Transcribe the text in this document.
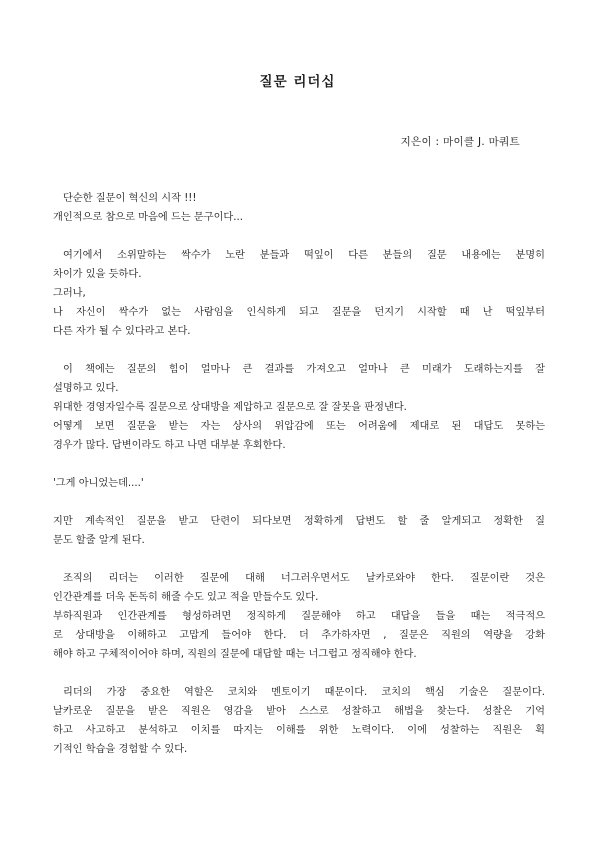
질문 리더십
지은이 : 마이클 J. 마쿼트
단순한 질문이 혁신의 시작 !!!
개인적으로 참으로 마음에 드는 문구이다...
여기에서 소위말하는 싹수가 노란 분들과 떡잎이 다른 분들의 질문 내용에는 분명히
차이가 있을 듯하다.
그러나,
나 자신이 싹수가 없는 사람임을 인식하게 되고 질문을 던지기 시작할 때 난 떡잎부터
다른 자가 될 수 있다라고 본다.
이 책에는 질문의 힘이 얼마나 큰 결과를 가져오고 얼마나 큰 미래가 도래하는지를 잘
설명하고 있다.
위대한 경영자일수록 질문으로 상대방을 제압하고 질문으로 잘 잘못을 판정낸다.
어떻게 보면 질문을 받는 자는 상사의 위압감에 또는 어려움에 제대로 된 대답도 못하는
경우가 많다. 답변이라도 하고 나면 대부분 후회한다.
'그게 아니었는데....'
지만 계속적인 질문을 받고 단련이 되다보면 정확하게 답변도 할 줄 알게되고 정확한 질
문도 할줄 알게 된다.
조직의 리더는 이러한 질문에 대해 너그러우면서도 날카로와야 한다. 질문이란 것은
인간관계를 더욱 돈독히 해줄 수도 있고 적을 만들수도 있다.
부하직원과 인간관계를 형성하려면 정직하게 질문해야 하고 대답을 들을 때는 적극적으
로 상대방을 이해하고 고맙게 들어야 한다. 더 추가하자면 , 질문은 직원의 역량을 강화
해야 하고 구체적이어야 하며, 직원의 질문에 대답할 때는 너그럽고 정직해야 한다.
리더의 가장 중요한 역할은 코치와 멘토이기 때문이다. 코치의 핵심 기술은 질문이다.
날카로운 질문을 받은 직원은 영감을 받아 스스로 성찰하고 해법을 찾는다. 성찰은 기억
하고 사고하고 분석하고 이치를 따지는 이해를 위한 노력이다. 이에 성찰하는 직원은 획
기적인 학습을 경험할 수 있다.
